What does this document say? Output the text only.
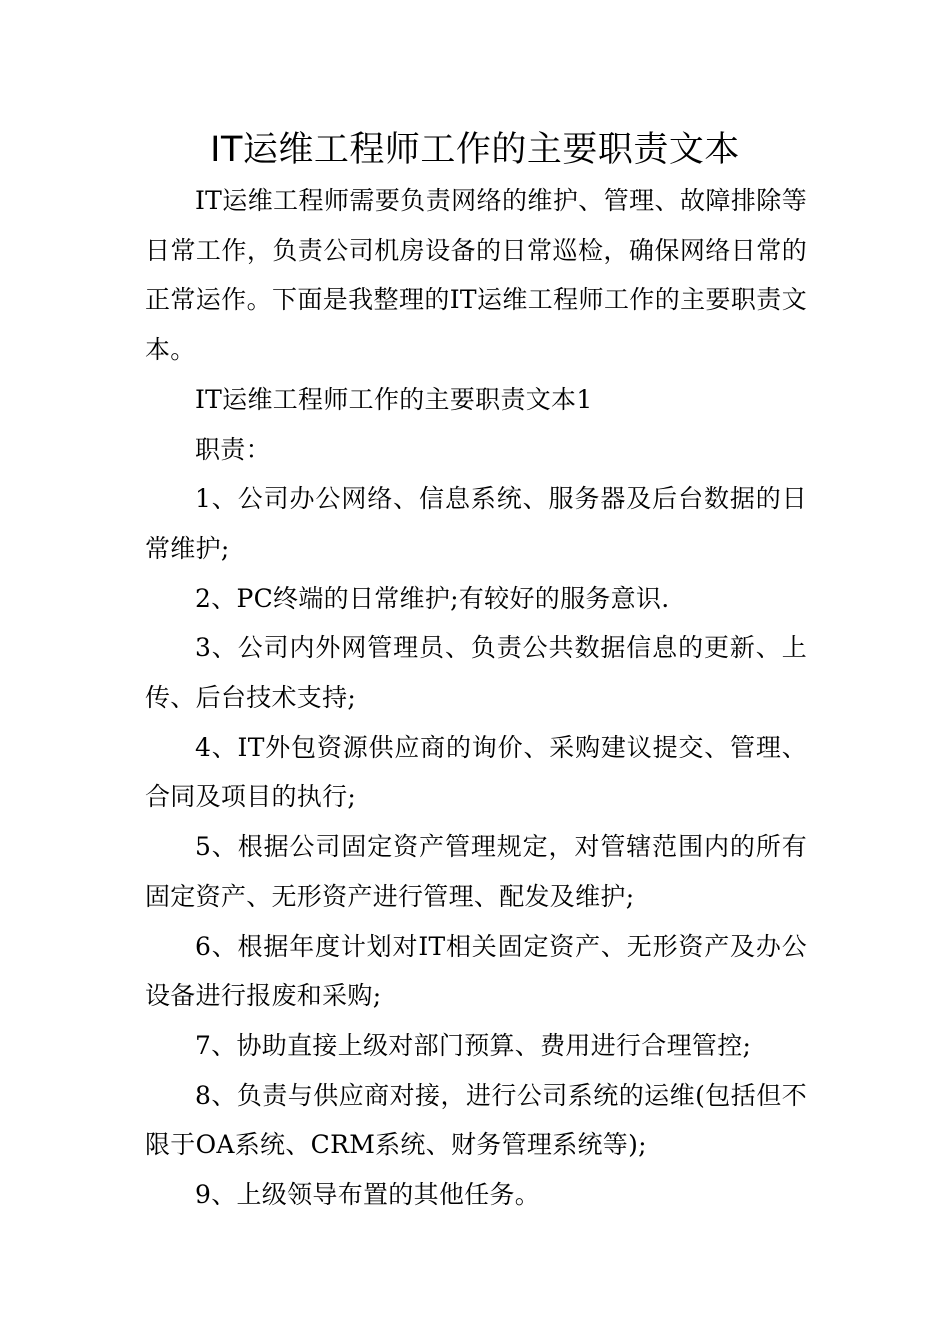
IT运维工程师工作的主要职责文本

IT运维工程师需要负责网络的维护、管理、故障排除等日常工作，负责公司机房设备的日常巡检，确保网络日常的正常运作。下面是我整理的IT运维工程师工作的主要职责文本。

IT运维工程师工作的主要职责文本1

职责：

1、公司办公网络、信息系统、服务器及后台数据的日常维护;

2、PC终端的日常维护;有较好的服务意识.

3、公司内外网管理员、负责公共数据信息的更新、上传、后台技术支持;

4、IT外包资源供应商的询价、采购建议提交、管理、合同及项目的执行;

5、根据公司固定资产管理规定，对管辖范围内的所有固定资产、无形资产进行管理、配发及维护;

6、根据年度计划对IT相关固定资产、无形资产及办公设备进行报废和采购;

7、协助直接上级对部门预算、费用进行合理管控;

8、负责与供应商对接，进行公司系统的运维(包括但不限于OA系统、CRM系统、财务管理系统等);

9、上级领导布置的其他任务。
